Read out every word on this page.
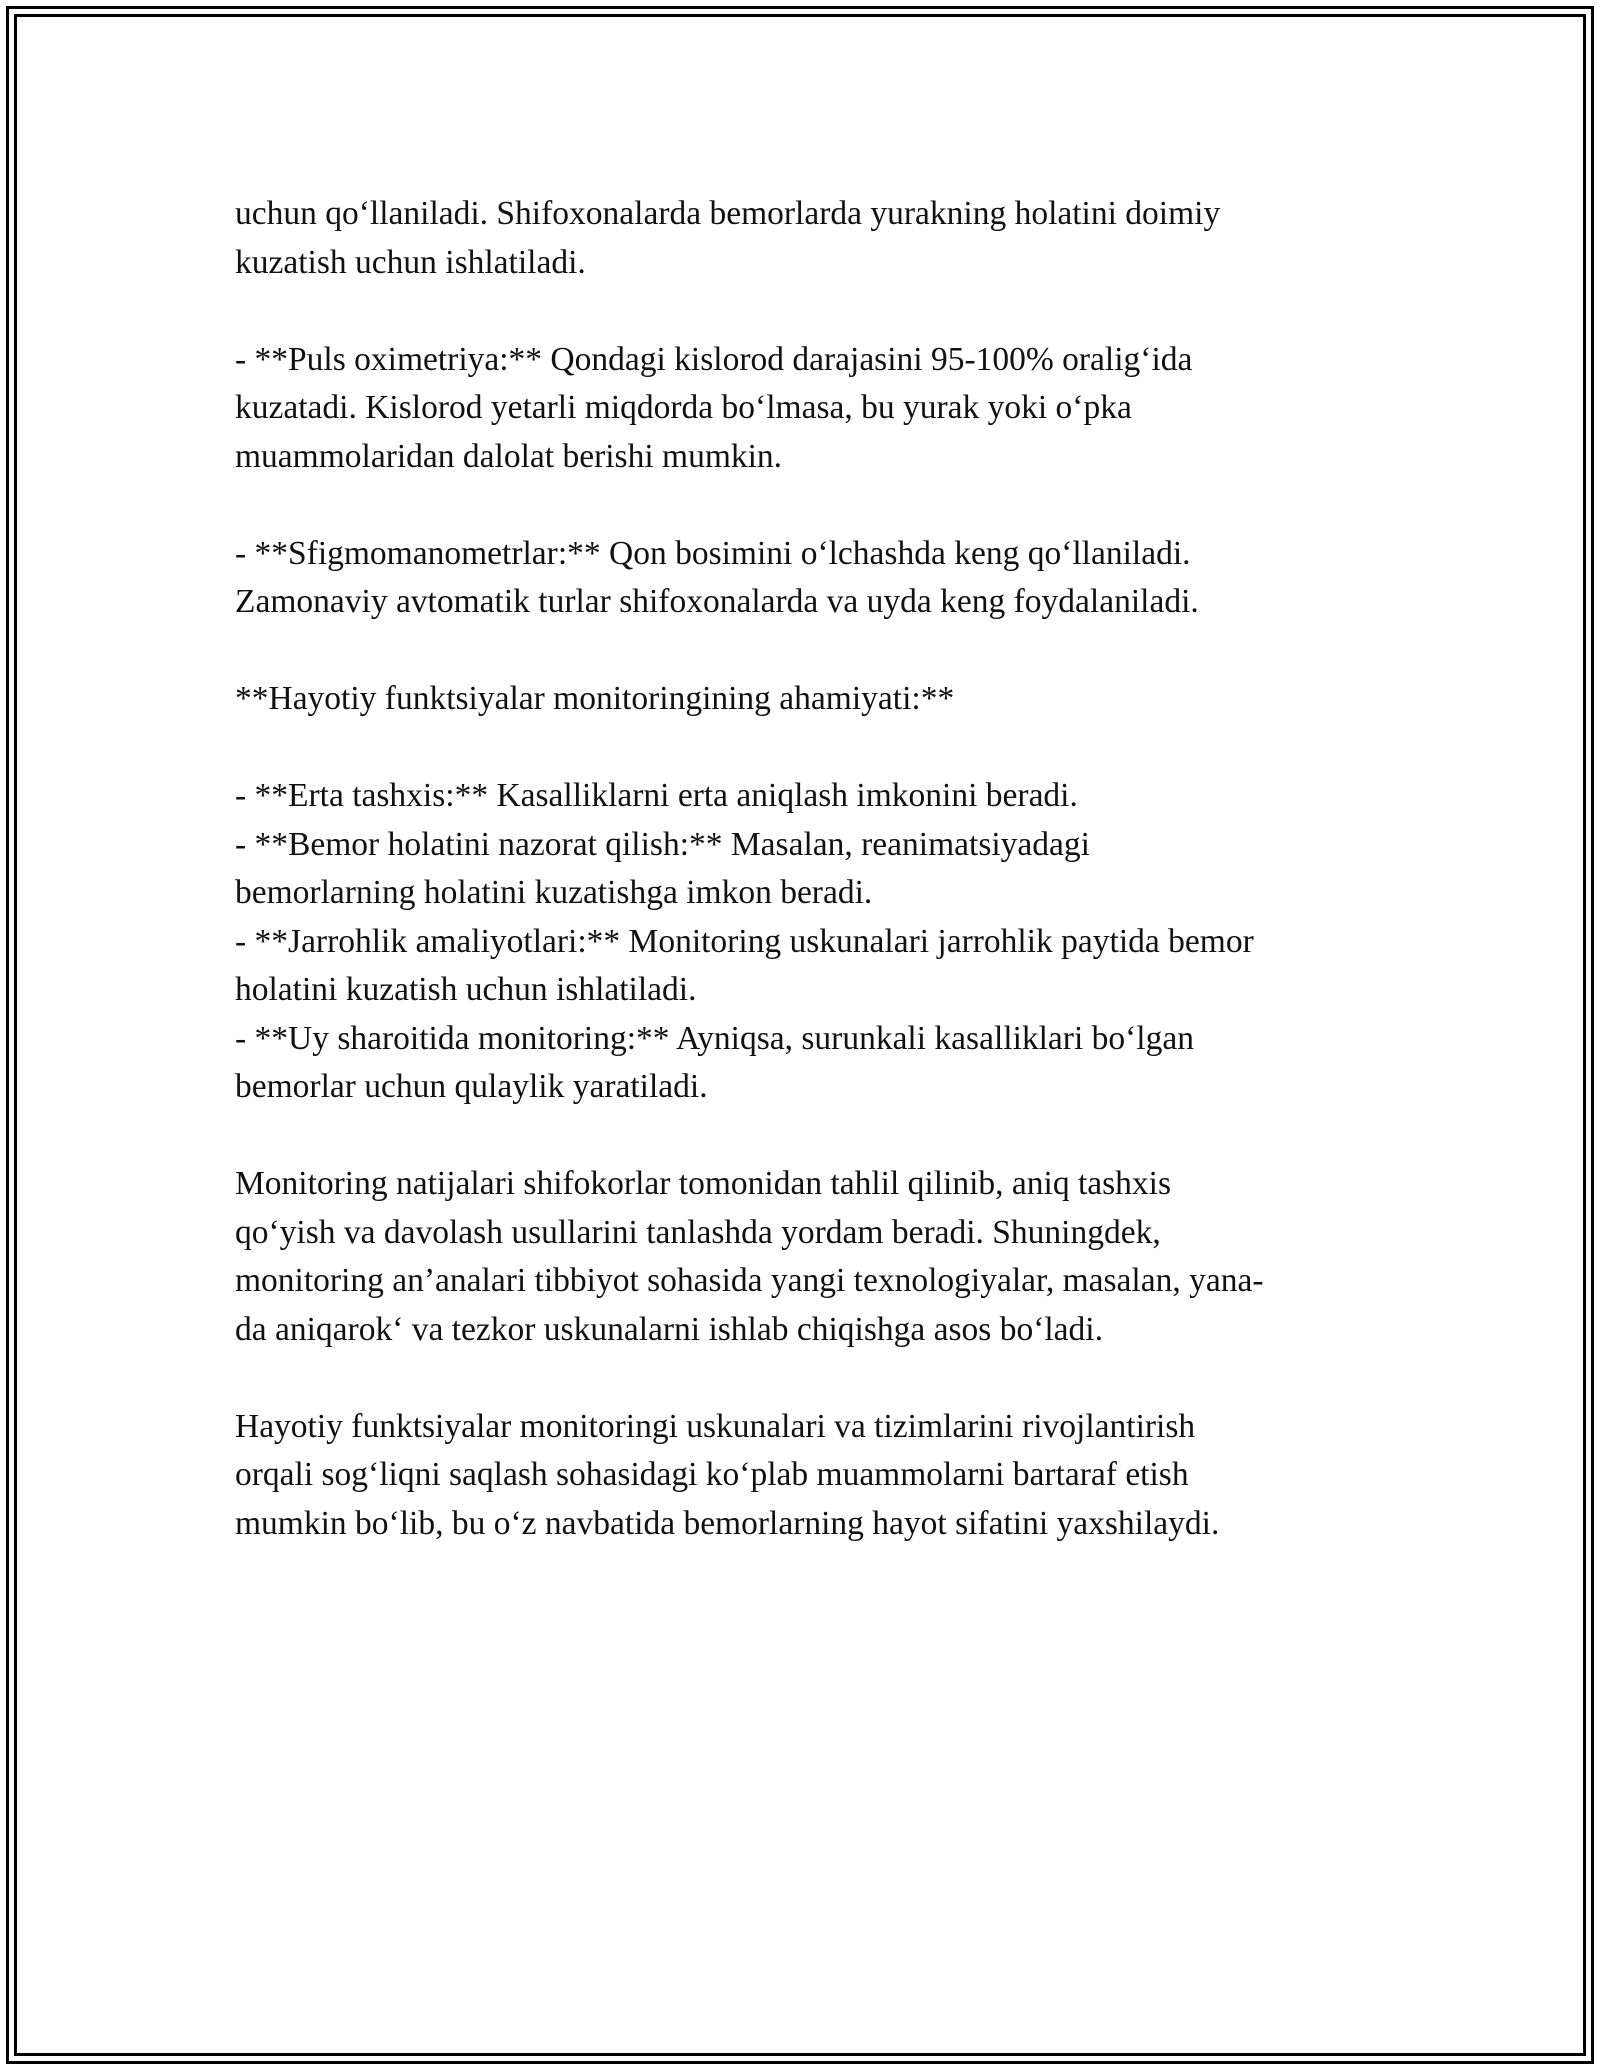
uchun qo‘llaniladi. Shifoxonalarda bemorlarda yurakning holatini doimiy
kuzatish uchun ishlatiladi.
- **Puls oximetriya:** Qondagi kislorod darajasini 95-100% oralig‘ida
kuzatadi. Kislorod yetarli miqdorda bo‘lmasa, bu yurak yoki o‘pka
muammolaridan dalolat berishi mumkin.
- **Sfigmomanometrlar:** Qon bosimini o‘lchashda keng qo‘llaniladi.
Zamonaviy avtomatik turlar shifoxonalarda va uyda keng foydalaniladi.
**Hayotiy funktsiyalar monitoringining ahamiyati:**
- **Erta tashxis:** Kasalliklarni erta aniqlash imkonini beradi.
- **Bemor holatini nazorat qilish:** Masalan, reanimatsiyadagi
bemorlarning holatini kuzatishga imkon beradi.
- **Jarrohlik amaliyotlari:** Monitoring uskunalari jarrohlik paytida bemor
holatini kuzatish uchun ishlatiladi.
- **Uy sharoitida monitoring:** Ayniqsa, surunkali kasalliklari bo‘lgan
bemorlar uchun qulaylik yaratiladi.
Monitoring natijalari shifokorlar tomonidan tahlil qilinib, aniq tashxis
qo‘yish va davolash usullarini tanlashda yordam beradi. Shuningdek,
monitoring an’analari tibbiyot sohasida yangi texnologiyalar, masalan, yana-
da aniqarok‘ va tezkor uskunalarni ishlab chiqishga asos bo‘ladi.
Hayotiy funktsiyalar monitoringi uskunalari va tizimlarini rivojlantirish
orqali sog‘liqni saqlash sohasidagi ko‘plab muammolarni bartaraf etish
mumkin bo‘lib, bu o‘z navbatida bemorlarning hayot sifatini yaxshilaydi.
